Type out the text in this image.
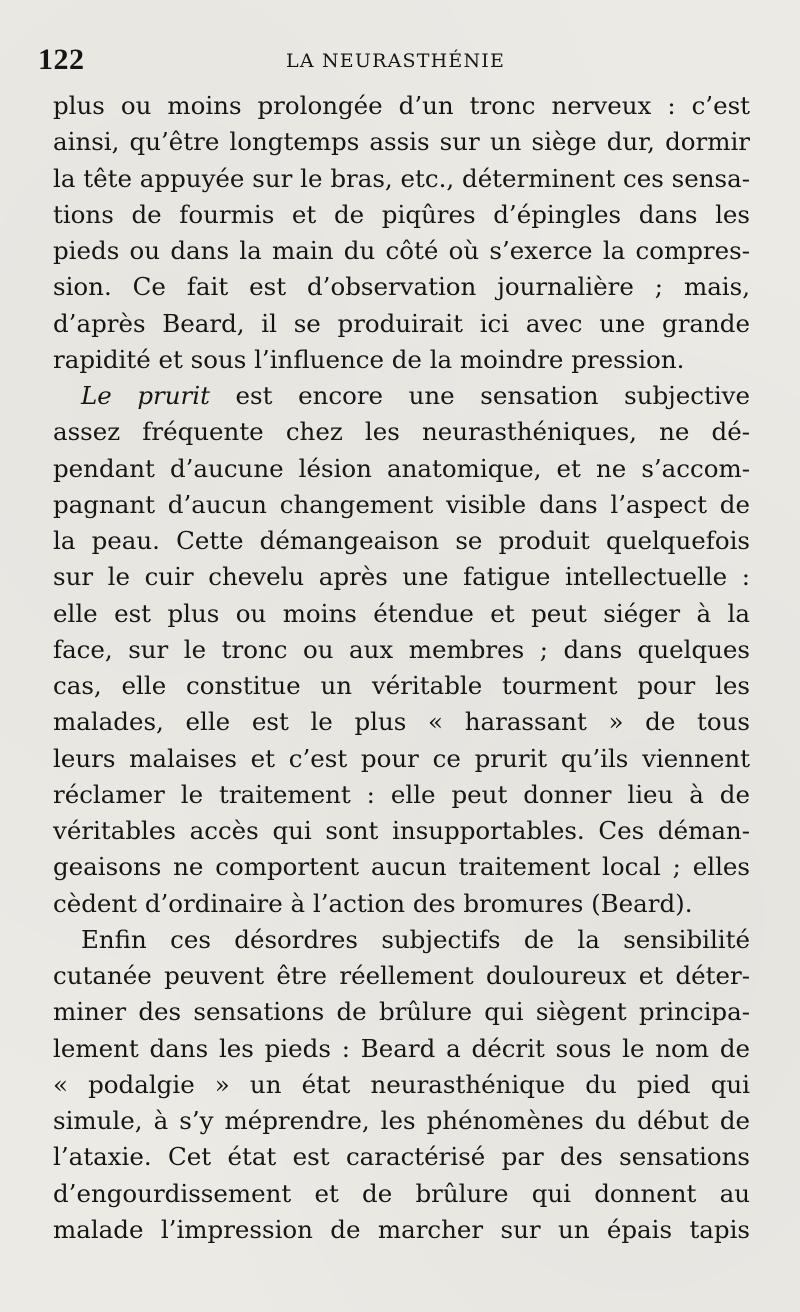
122	LA NEURASTHÉNIE
plus ou moins prolongée d’un tronc nerveux : c’est
ainsi, qu’être longtemps assis sur un siège dur, dormir
la tête appuyée sur le bras, etc., déterminent ces sensa-
tions de fourmis et de piqûres d’épingles dans les
pieds ou dans la main du côté où s’exerce la compres-
sion. Ce fait est d’observation journalière ; mais,
d’après Beard, il se produirait ici avec une grande
rapidité et sous l’influence de la moindre pression.
Le prurit est encore une sensation subjective
assez fréquente chez les neurasthéniques, ne dé-
pendant d’aucune lésion anatomique, et ne s’accom-
pagnant d’aucun changement visible dans l’aspect de
la peau. Cette démangeaison se produit quelquefois
sur le cuir chevelu après une fatigue intellectuelle :
elle est plus ou moins étendue et peut siéger à la
face, sur le tronc ou aux membres ; dans quelques
cas, elle constitue un véritable tourment pour les
malades, elle est le plus « harassant » de tous
leurs malaises et c’est pour ce prurit qu’ils viennent
réclamer le traitement : elle peut donner lieu à de
véritables accès qui sont insupportables. Ces déman-
geaisons ne comportent aucun traitement local ; elles
cèdent d’ordinaire à l’action des bromures (Beard).
Enfin ces désordres subjectifs de la sensibilité
cutanée peuvent être réellement douloureux et déter-
miner des sensations de brûlure qui siègent principa-
lement dans les pieds : Beard a décrit sous le nom de
« podalgie » un état neurasthénique du pied qui
simule, à s’y méprendre, les phénomènes du début de
l’ataxie. Cet état est caractérisé par des sensations
d’engourdissement et de brûlure qui donnent au
malade l’impression de marcher sur un épais tapis
